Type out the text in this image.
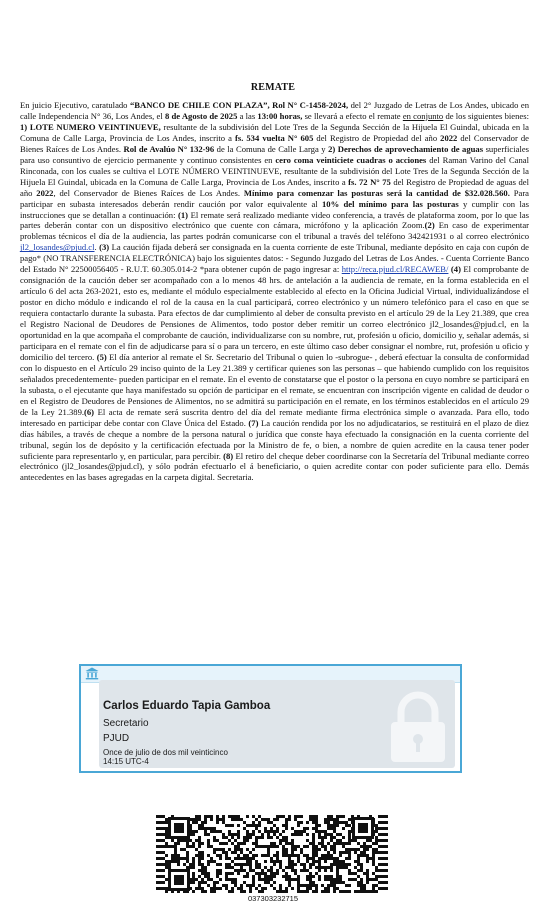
REMATE
En juicio Ejecutivo, caratulado “BANCO DE CHILE CON PLAZA”, Rol N° C-1458-2024, del 2° Juzgado de Letras de Los Andes, ubicado en calle Independencia N° 36, Los Andes, el 8 de Agosto de 2025 a las 13:00 horas, se llevará a efecto el remate en conjunto de los siguientes bienes: 1) LOTE NUMERO VEINTINUEVE, resultante de la subdivisión del Lote Tres de la Segunda Sección de la Hijuela El Guindal, ubicada en la Comuna de Calle Larga, Provincia de Los Andes, inscrito a fs. 534 vuelta N° 605 del Registro de Propiedad del año 2022 del Conservador de Bienes Raíces de Los Andes. Rol de Avalúo N° 132-96 de la Comuna de Calle Larga y 2) Derechos de aprovechamiento de aguas superficiales para uso consuntivo de ejercicio permanente y continuo consistentes en cero coma veinticiete cuadras o acciones del Raman Varino del Canal Rinconada, con los cuales se cultiva el LOTE NÚMERO VEINTINUEVE, resultante de la subdivisión del Lote Tres de la Segunda Sección de la Hijuela El Guindal, ubicada en la Comuna de Calle Larga, Provincia de Los Andes, inscrito a fs. 72 N° 75 del Registro de Propiedad de aguas del año 2022, del Conservador de Bienes Raíces de Los Andes. Mínimo para comenzar las posturas será la cantidad de $32.028.560. Para participar en subasta interesados deberán rendir caución por valor equivalente al 10% del mínimo para las posturas y cumplir con las instrucciones que se detallan a continuación: (1) El remate será realizado mediante video conferencia, a través de plataforma zoom, por lo que las partes deberán contar con un dispositivo electrónico que cuente con cámara, micrófono y la aplicación Zoom.(2) En caso de experimentar problemas técnicos el día de la audiencia, las partes podrán comunicarse con el tribunal a través del teléfono 342421931 o al correo electrónico jl2_losandes@pjud.cl. (3) La caución fijada deberá ser consignada en la cuenta corriente de este Tribunal, mediante depósito en caja con cupón de pago* (NO TRANSFERENCIA ELECTRÓNICA) bajo los siguientes datos: - Segundo Juzgado del Letras de Los Andes. - Cuenta Corriente Banco del Estado N° 22500056405 - R.U.T. 60.305.014-2 *para obtener cupón de pago ingresar a: http://reca.pjud.cl/RECAWEB/ (4) El comprobante de consignación de la caución deber ser acompañado con a lo menos 48 hrs. de antelación a la audiencia de remate, en la forma establecida en el artículo 6 del acta 263-2021, esto es, mediante el módulo especialmente establecido al efecto en la Oficina Judicial Virtual, individualizándose el postor en dicho módulo e indicando el rol de la causa en la cual participará, correo electrónico y un número telefónico para el caso en que se requiera contactarlo durante la subasta. Para efectos de dar cumplimiento al deber de consulta previsto en el artículo 29 de la Ley 21.389, que crea el Registro Nacional de Deudores de Pensiones de Alimentos, todo postor deber remitir un correo electrónico jl2_losandes@pjud.cl, en la oportunidad en la que acompaña el comprobante de caución, individualizarse con su nombre, rut, profesión u oficio, domicilio y, señalar además, si participara en el remate con el fin de adjudicarse para sí o para un tercero, en este último caso deber consignar el nombre, rut, profesión u oficio y domicilio del tercero. (5) El día anterior al remate el Sr. Secretario del Tribunal o quien lo -subrogue- , deberá efectuar la consulta de conformidad con lo dispuesto en el Artículo 29 inciso quinto de la Ley 21.389 y certificar quienes son las personas – que habiendo cumplido con los requisitos señalados precedentemente- pueden participar en el remate. En el evento de constatarse que el postor o la persona en cuyo nombre se participará en la subasta, o el ejecutante que haya manifestado su opción de participar en el remate, se encuentran con inscripción vigente en calidad de deudor o en el Registro de Deudores de Pensiones de Alimentos, no se admitirá su participación en el remate, en los términos establecidos en el artículo 29 de la Ley 21.389.(6) El acta de remate será suscrita dentro del día del remate mediante firma electrónica simple o avanzada. Para ello, todo interesado en participar debe contar con Clave Única del Estado. (7) La caución rendida por los no adjudicatarios, se restituirá en el plazo de diez días hábiles, a través de cheque a nombre de la persona natural o jurídica que conste haya efectuado la consignación en la cuenta corriente del tribunal, según los de depósito y la certificación efectuada por la Ministro de fe, o bien, a nombre de quien acredite en la causa tener poder suficiente para representarlo y, en particular, para percibir. (8) El retiro del cheque deber coordinarse con la Secretaría del Tribunal mediante correo electrónico (jl2_losandes@pjud.cl), y sólo podrán efectuarlo el á beneficiario, o quien acredite contar con poder suficiente para ello. Demás antecedentes en las bases agregadas en la carpeta digital. Secretaria.
Carlos Eduardo Tapia Gamboa
Secretario
PJUD
Once de julio de dos mil veinticinco
14:15 UTC-4
037303232715
